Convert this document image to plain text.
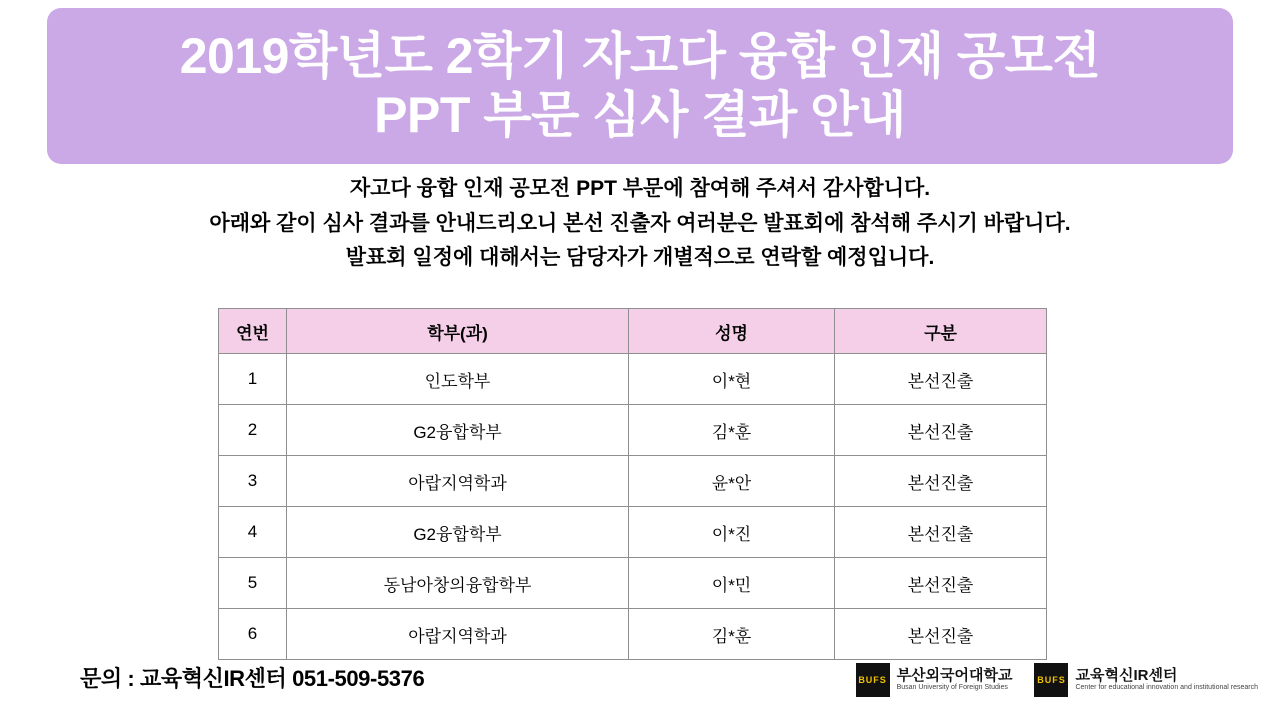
2019학년도 2학기 자고다 융합 인재 공모전
PPT 부문 심사 결과 안내
자고다 융합 인재 공모전 PPT 부문에 참여해 주셔서 감사합니다.
아래와 같이 심사 결과를 안내드리오니 본선 진출자 여러분은 발표회에 참석해 주시기 바랍니다.
발표회 일정에 대해서는 담당자가 개별적으로 연락할 예정입니다.
연번	학부(과)	성명	구분
1	인도학부	이*현	본선진출
2	G2융합학부	김*훈	본선진출
3	아랍지역학과	윤*안	본선진출
4	G2융합학부	이*진	본선진출
5	동남아창의융합학부	이*민	본선진출
6	아랍지역학과	김*훈	본선진출
문의 : 교육혁신IR센터 051-509-5376	BUFS 부산외국어대학교
Busan University of Foreign Studies
BUFS 교육혁신IR센터
Center for educational innovation and institutional research
